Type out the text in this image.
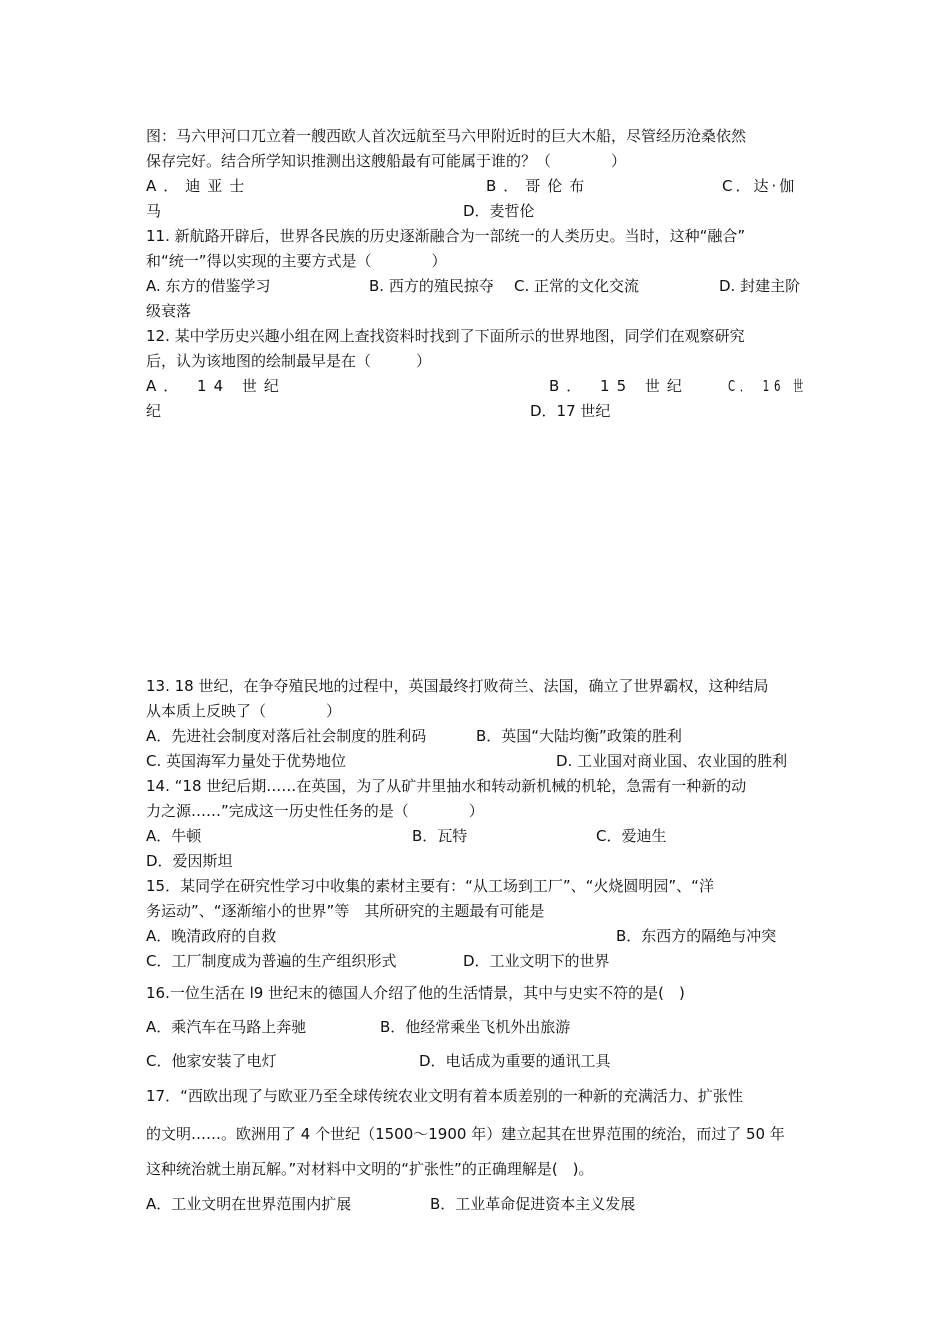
图：马六甲河口兀立着一艘西欧人首次远航至马六甲附近时的巨大木船，尽管经历沧桑依然
保存完好。结合所学知识推测出这艘船最有可能属于谁的？（　　　　）
A．迪亚士	B．哥伦布	C．达·伽
马	D．麦哲伦
11. 新航路开辟后，世界各民族的历史逐渐融合为一部统一的人类历史。当时，这种“融合”
和“统一”得以实现的主要方式是（　　　　）
A. 东方的借鉴学习	B. 西方的殖民掠夺 C. 正常的文化交流	D. 封建主阶
级衰落
12. 某中学历史兴趣小组在网上查找资料时找到了下面所示的世界地图，同学们在观察研究
后，认为该地图的绘制最早是在（　　　）
A． 14 世纪	B． 15 世纪	C． 16 世
纪	D．17 世纪
13. 18 世纪，在争夺殖民地的过程中，英国最终打败荷兰、法国，确立了世界霸权，这种结局
从本质上反映了（　　　　）
A．先进社会制度对落后社会制度的胜利码	B．英国“大陆均衡”政策的胜利
C. 英国海军力量处于优势地位	D. 工业国对商业国、农业国的胜利
14. “18 世纪后期……在英国，为了从矿井里抽水和转动新机械的机轮，急需有一种新的动
力之源……”完成这一历史性任务的是（　　　　）
A．牛顿	B．瓦特	C．爱迪生
D．爱因斯坦
15．某同学在研究性学习中收集的素材主要有：“从工场到工厂”、“火烧圆明园”、“洋
务运动”、“逐渐缩小的世界”等　其所研究的主题最有可能是
A．晚清政府的自救	B．东西方的隔绝与冲突
C．工厂制度成为普遍的生产组织形式	D．工业文明下的世界
16.一位生活在 l9 世纪末的德国人介绍了他的生活情景，其中与史实不符的是(　)
A．乘汽车在马路上奔驰	B．他经常乘坐飞机外出旅游
C．他家安装了电灯	D．电话成为重要的通讯工具
17．“西欧出现了与欧亚乃至全球传统农业文明有着本质差别的一种新的充满活力、扩张性
的文明……。欧洲用了 4 个世纪（1500～1900 年）建立起其在世界范围的统治，而过了 50 年
这种统治就土崩瓦解。”对材料中文明的“扩张性”的正确理解是(　)。
A．工业文明在世界范围内扩展	B．工业革命促进资本主义发展
